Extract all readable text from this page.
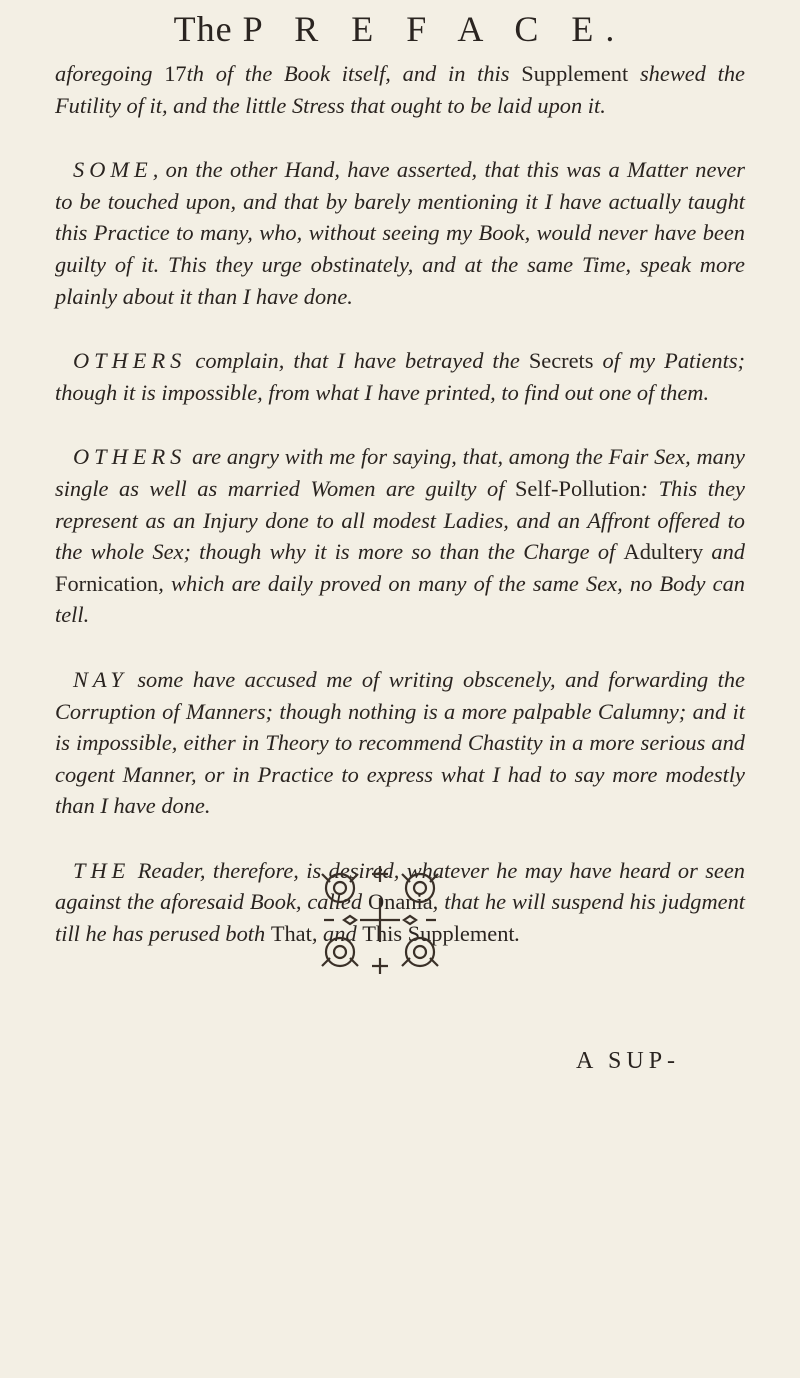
The P R E F A C E.

aforegoing 17th of the Book itself, and in this Supplement shewed the Futility of it, and the little Stress that ought to be laid upon it.

SOME, on the other Hand, have asserted, that this was a Matter never to be touched upon, and that by barely mentioning it I have actually taught this Practice to many, who, without seeing my Book, would never have been guilty of it. This they urge obstinately, and at the same Time, speak more plainly about it than I have done.

OTHERS complain, that I have betrayed the Secrets of my Patients; though it is impossible, from what I have printed, to find out one of them.

OTHERS are angry with me for saying, that, among the Fair Sex, many single as well as married Women are guilty of Self-Pollution: This they represent as an Injury done to all modest Ladies, and an Affront offered to the whole Sex; though why it is more so than the Charge of Adultery and Fornication, which are daily proved on many of the same Sex, no Body can tell.

NAY some have accused me of writing obscenely, and forwarding the Corruption of Manners; though nothing is a more palpable Calumny; and it is impossible, either in Theory to recommend Chastity in a more serious and cogent Manner, or in Practice to express what I had to say more modestly than I have done.

THE Reader, therefore, is desired, whatever he may have heard or seen against the aforesaid Book, called Onania, that he will suspend his judgment till he has perused both That, and This Supplement.

A SUP-
